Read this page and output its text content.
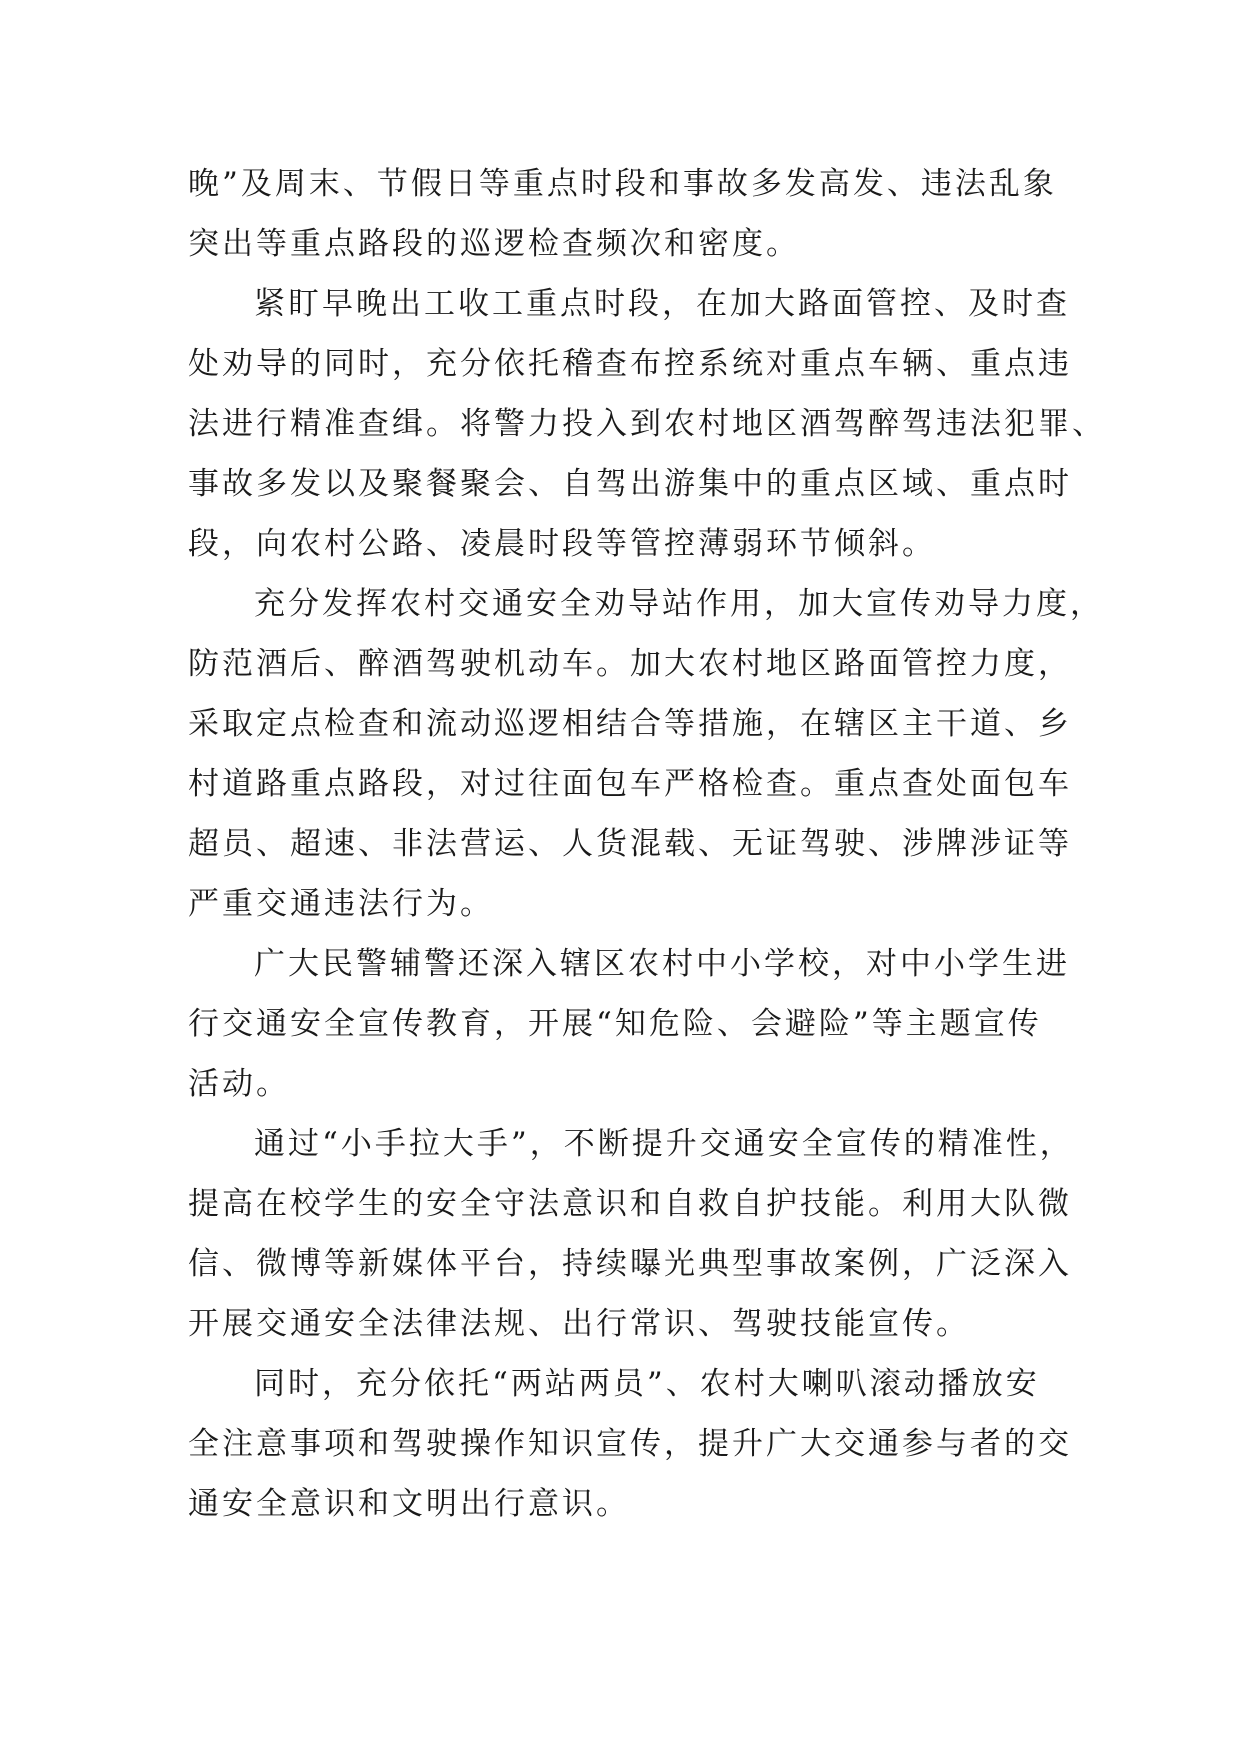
晚”及周末、节假日等重点时段和事故多发高发、违法乱象
突出等重点路段的巡逻检查频次和密度。
紧盯早晚出工收工重点时段，在加大路面管控、及时查
处劝导的同时，充分依托稽查布控系统对重点车辆、重点违
法进行精准查缉。将警力投入到农村地区酒驾醉驾违法犯罪、
事故多发以及聚餐聚会、自驾出游集中的重点区域、重点时
段，向农村公路、凌晨时段等管控薄弱环节倾斜。
充分发挥农村交通安全劝导站作用，加大宣传劝导力度，
防范酒后、醉酒驾驶机动车。加大农村地区路面管控力度，
采取定点检查和流动巡逻相结合等措施，在辖区主干道、乡
村道路重点路段，对过往面包车严格检查。重点查处面包车
超员、超速、非法营运、人货混载、无证驾驶、涉牌涉证等
严重交通违法行为。
广大民警辅警还深入辖区农村中小学校，对中小学生进
行交通安全宣传教育，开展“知危险、会避险”等主题宣传
活动。
通过“小手拉大手”，不断提升交通安全宣传的精准性，
提高在校学生的安全守法意识和自救自护技能。利用大队微
信、微博等新媒体平台，持续曝光典型事故案例，广泛深入
开展交通安全法律法规、出行常识、驾驶技能宣传。
同时，充分依托“两站两员”、农村大喇叭滚动播放安
全注意事项和驾驶操作知识宣传，提升广大交通参与者的交
通安全意识和文明出行意识。
